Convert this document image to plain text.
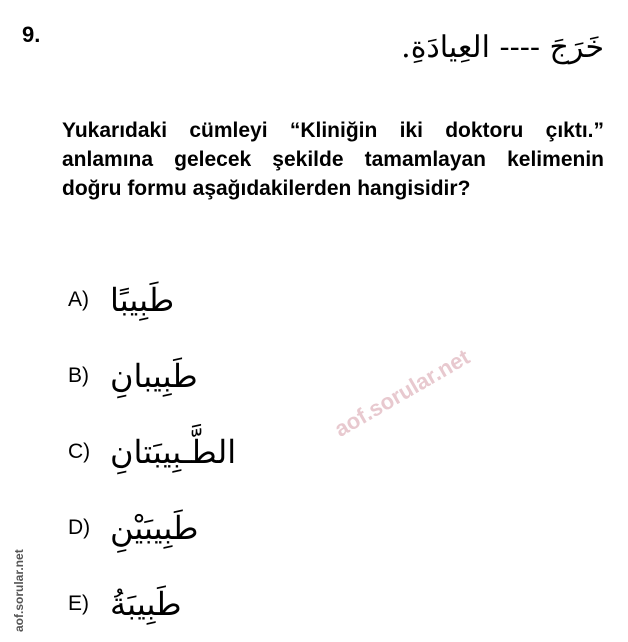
9.	خَرَجَ ---- العِيادَةِ.
Yukarıdaki cümleyi “Kliniğin iki doktoru çıktı.” anlamına gelecek şekilde tamamlayan kelimenin doğru formu aşağıdakilerden hangisidir?
A) طَبِيبًا
B) طَبِيبانِ
C) الطَّـبِيبَتانِ
D) طَبِيبَيْنِ
E) طَبِيبَةُ
aof.sorular.net
aof.sorular.net
